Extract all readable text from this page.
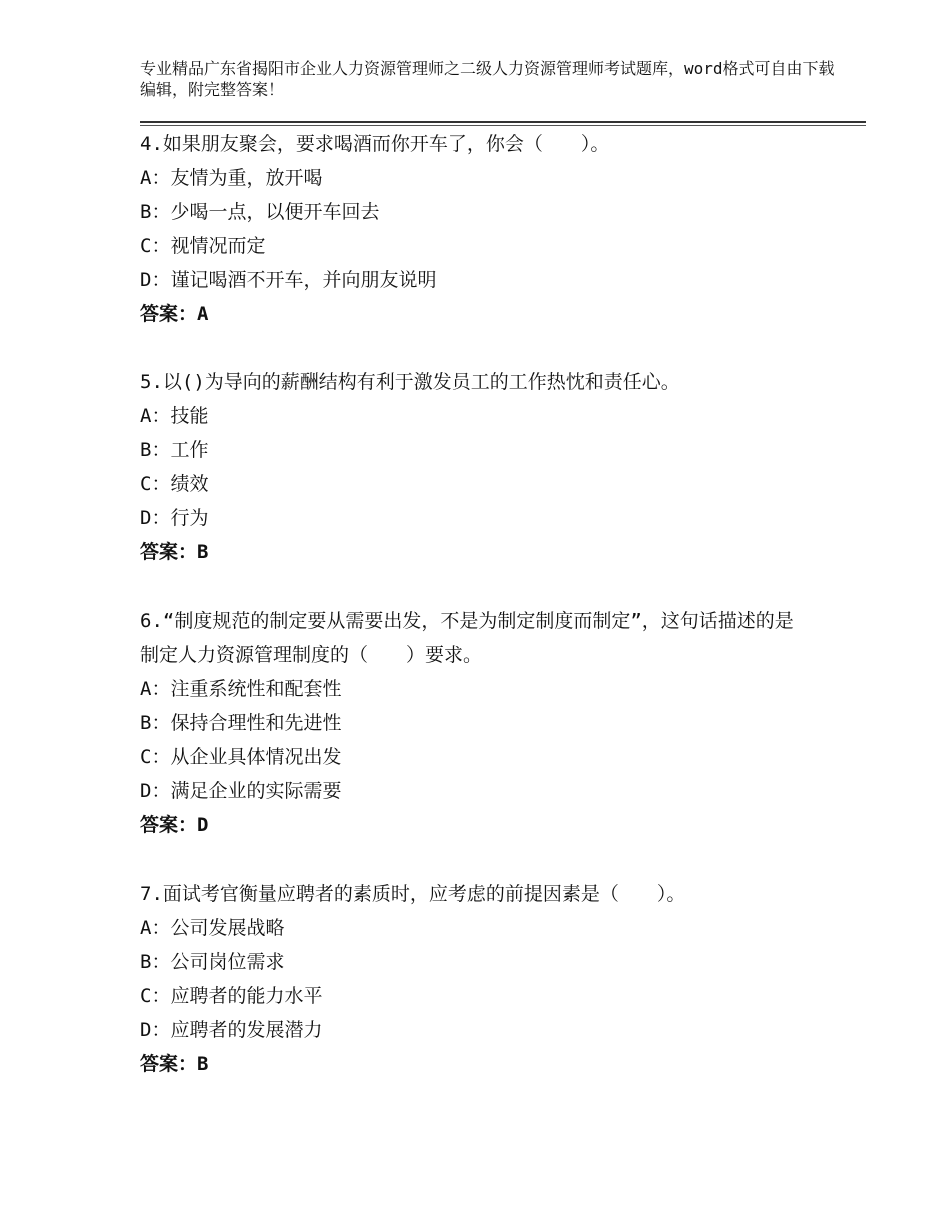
专业精品广东省揭阳市企业人力资源管理师之二级人力资源管理师考试题库，word格式可自由下载编辑，附完整答案！
4.如果朋友聚会，要求喝酒而你开车了，你会（　　）。
A：友情为重，放开喝
B：少喝一点，以便开车回去
C：视情况而定
D：谨记喝酒不开车，并向朋友说明
答案：A
5.以()为导向的薪酬结构有利于激发员工的工作热忱和责任心。
A：技能
B：工作
C：绩效
D：行为
答案：B
6.“制度规范的制定要从需要出发，不是为制定制度而制定”，这句话描述的是制定人力资源管理制度的（　　）要求。
A：注重系统性和配套性
B：保持合理性和先进性
C：从企业具体情况出发
D：满足企业的实际需要
答案：D
7.面试考官衡量应聘者的素质时，应考虑的前提因素是（　　）。
A：公司发展战略
B：公司岗位需求
C：应聘者的能力水平
D：应聘者的发展潜力
答案：B
